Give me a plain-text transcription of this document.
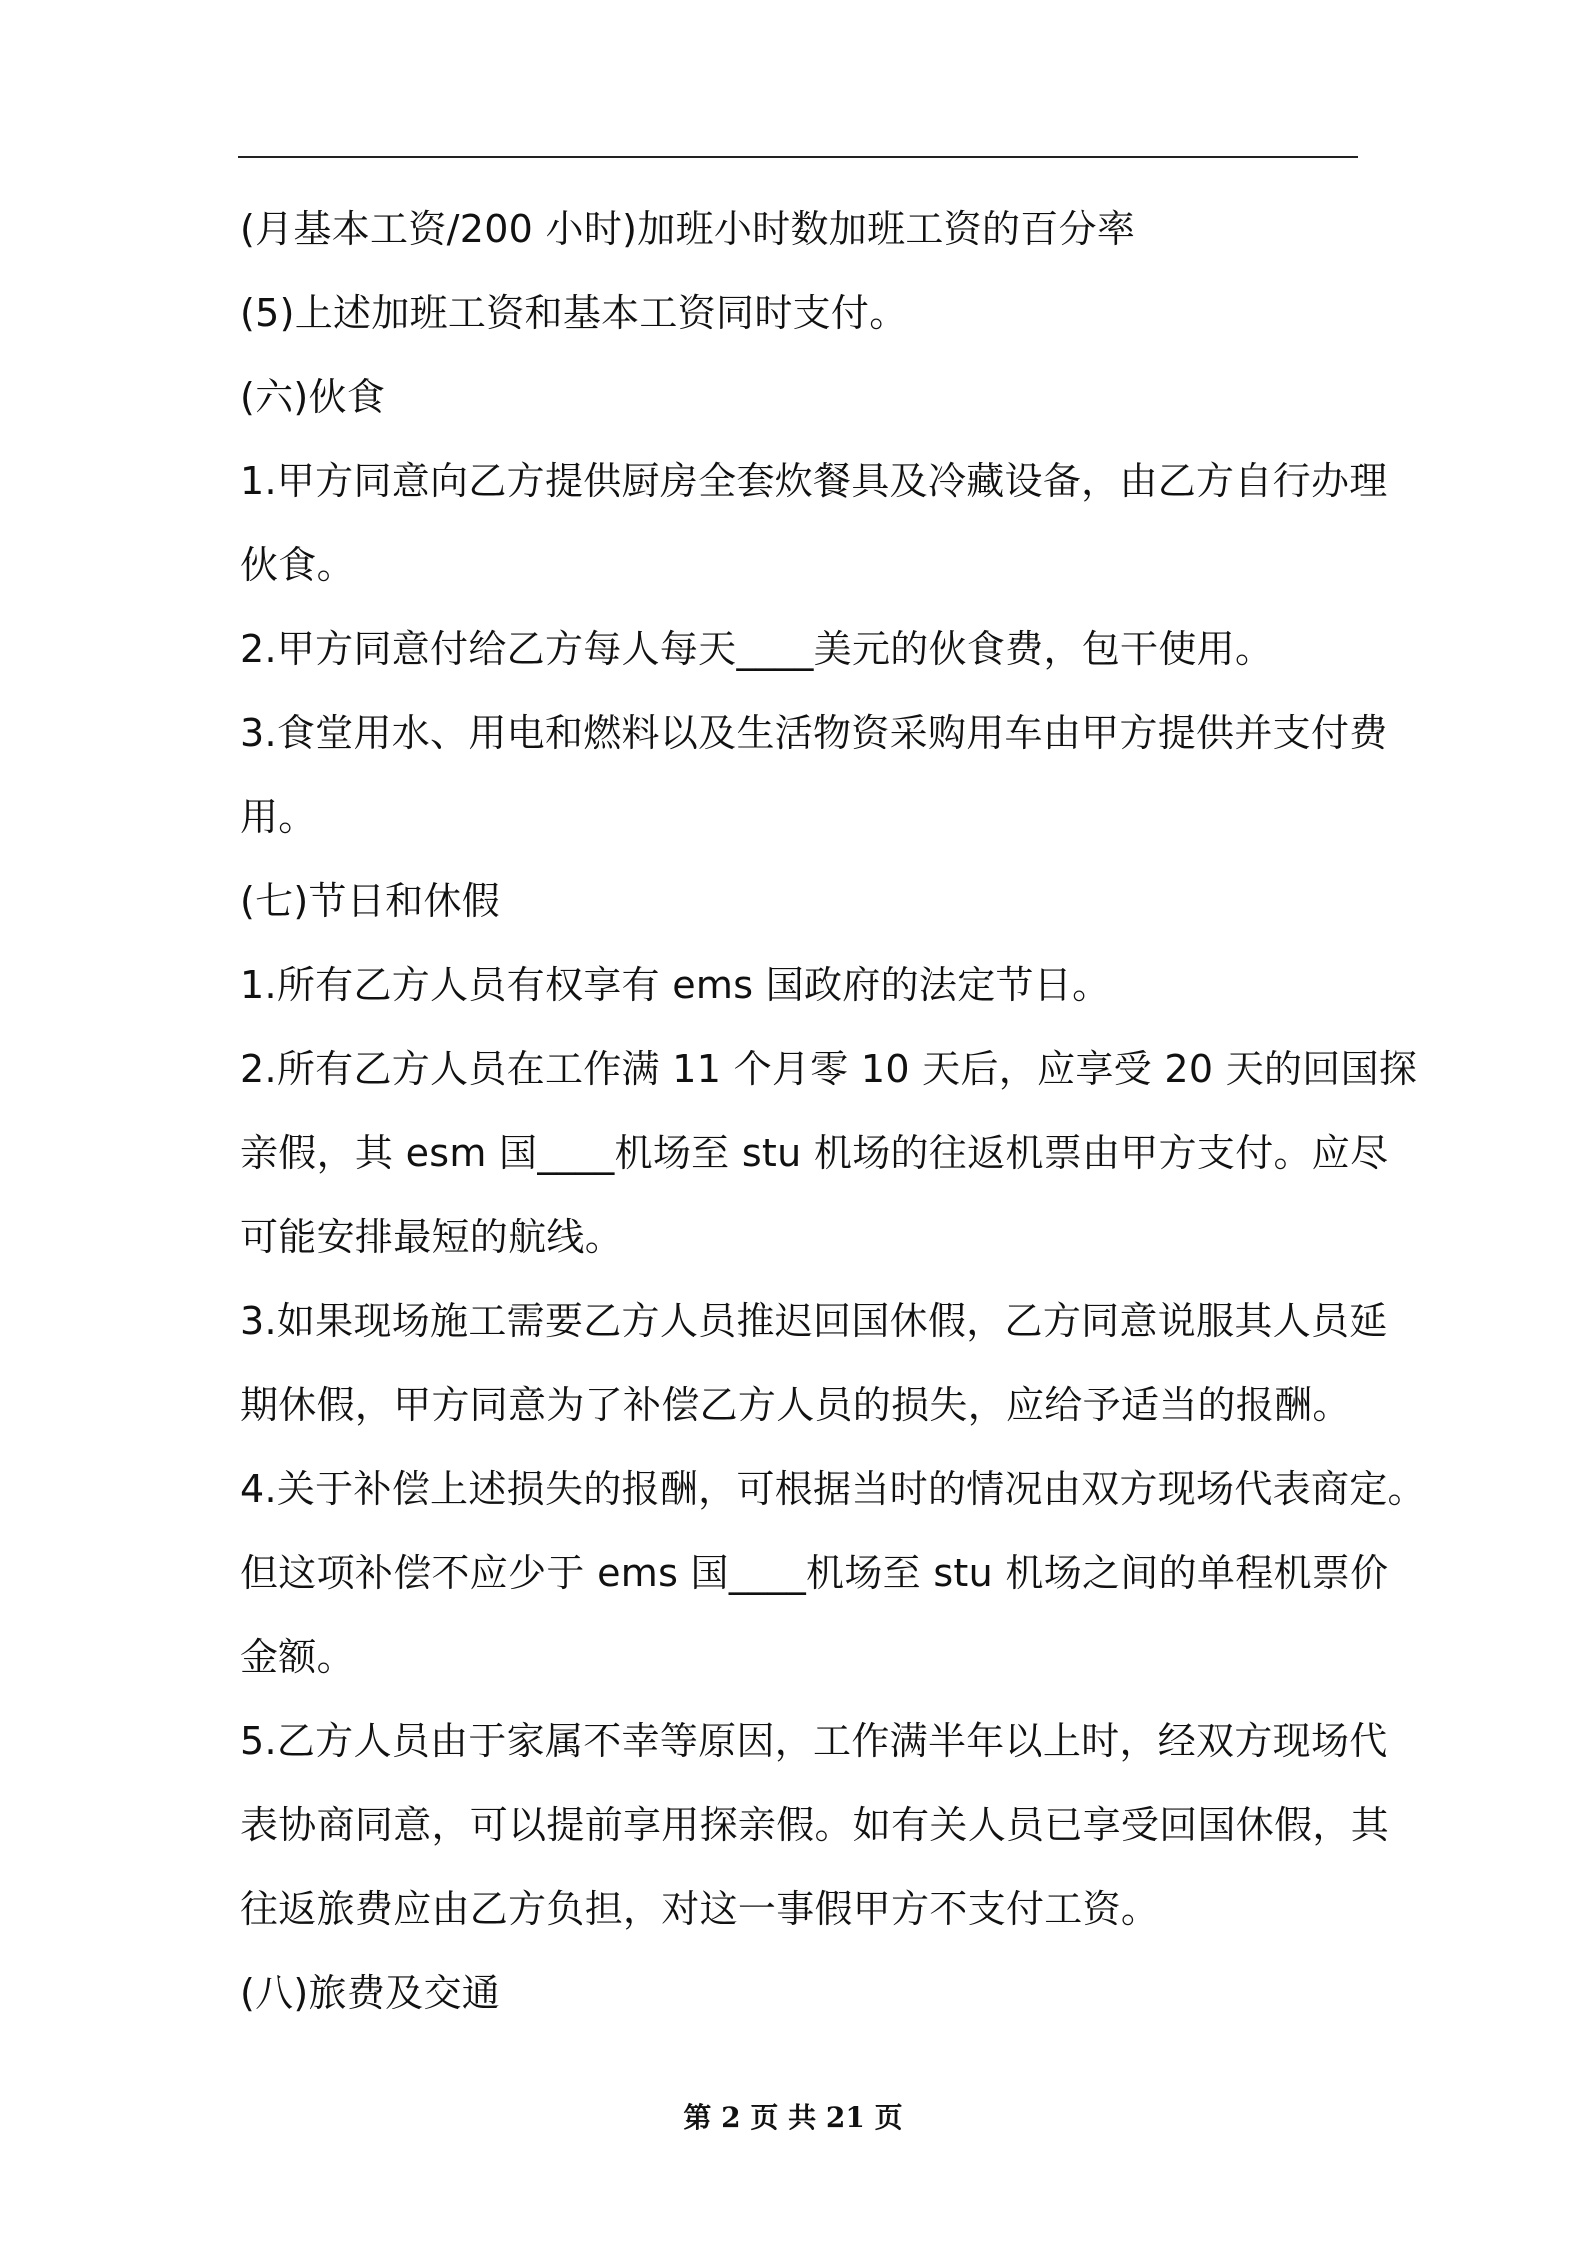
(月基本工资/200 小时)加班小时数加班工资的百分率
(5)上述加班工资和基本工资同时支付。
(六)伙食
1.甲方同意向乙方提供厨房全套炊餐具及冷藏设备，由乙方自行办理
伙食。
2.甲方同意付给乙方每人每天____美元的伙食费，包干使用。
3.食堂用水、用电和燃料以及生活物资采购用车由甲方提供并支付费
用。
(七)节日和休假
1.所有乙方人员有权享有 ems 国政府的法定节日。
2.所有乙方人员在工作满 11 个月零 10 天后，应享受 20 天的回国探
亲假，其 esm 国____机场至 stu 机场的往返机票由甲方支付。应尽
可能安排最短的航线。
3.如果现场施工需要乙方人员推迟回国休假，乙方同意说服其人员延
期休假，甲方同意为了补偿乙方人员的损失，应给予适当的报酬。
4.关于补偿上述损失的报酬，可根据当时的情况由双方现场代表商定。
但这项补偿不应少于 ems 国____机场至 stu 机场之间的单程机票价
金额。
5.乙方人员由于家属不幸等原因，工作满半年以上时，经双方现场代
表协商同意，可以提前享用探亲假。如有关人员已享受回国休假，其
往返旅费应由乙方负担，对这一事假甲方不支付工资。
(八)旅费及交通
第 2 页 共 21 页
